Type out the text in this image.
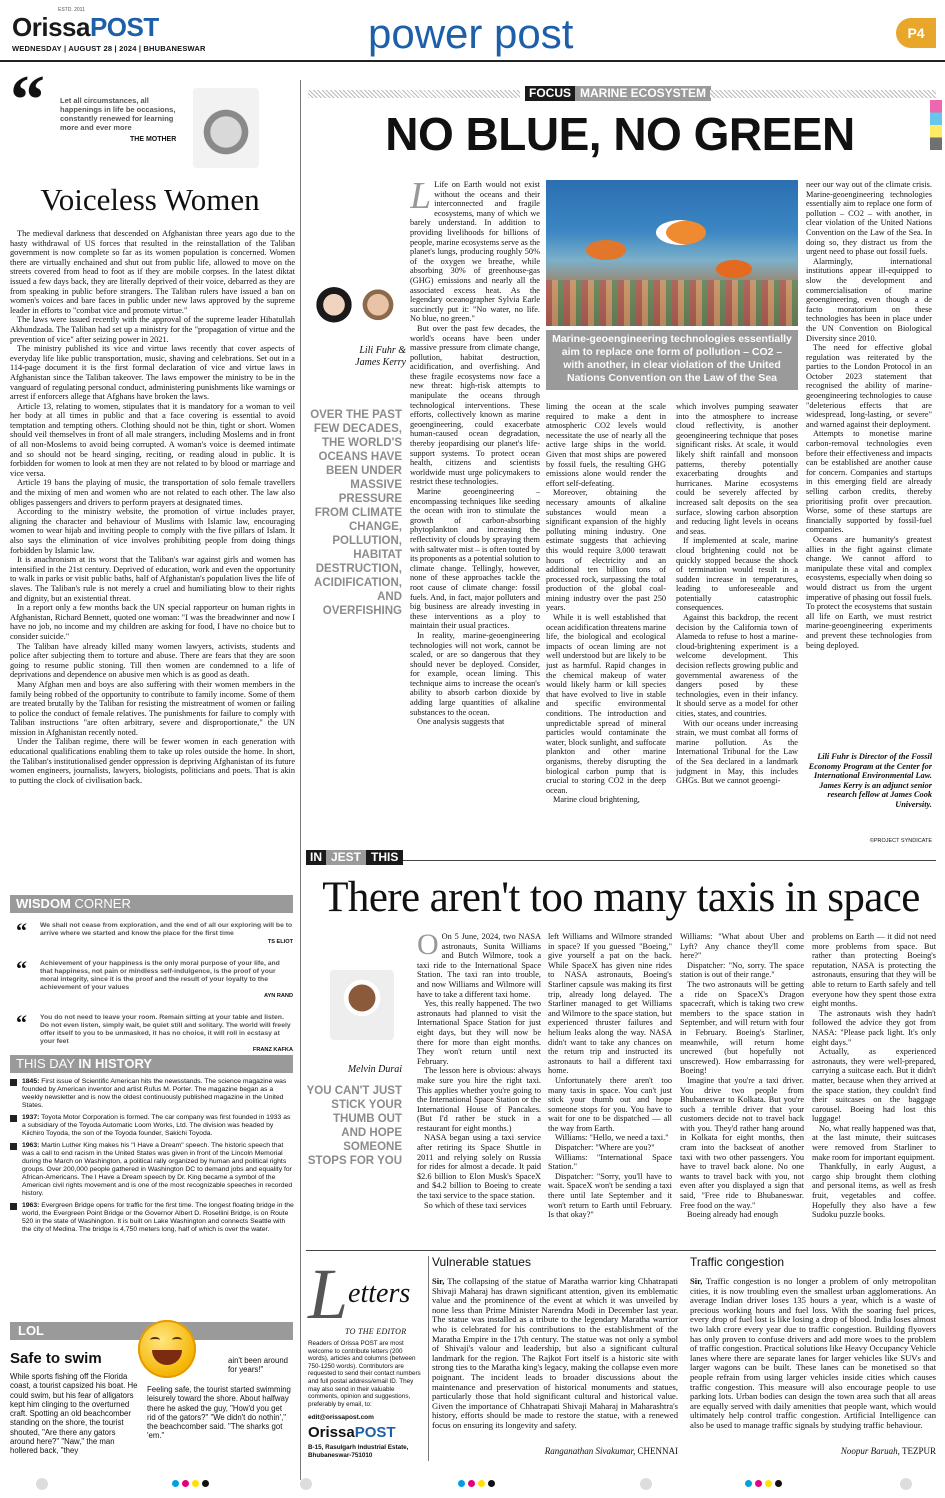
OrissaPOST
ESTD. 2011
WEDNESDAY | AUGUST 28 | 2024 | BHUBANESWAR	power post	P4
“ Let all circumstances, all happenings in life be occasions, constantly renewed for learning more and ever more
THE MOTHER
Voiceless Women

The medieval darkness that descended on Afghanistan three years ago due to the hasty withdrawal of US forces that resulted in the reinstallation of the Taliban government is now complete so far as its women population is concerned. Women there are virtually enchained and shut out from public life, allowed to move on the streets covered from head to foot as if they are mobile corpses. In the latest diktat issued a few days back, they are literally deprived of their voice, debarred as they are from speaking in public before strangers. The Taliban rulers have issued a ban on women's voices and bare faces in public under new laws approved by the supreme leader in efforts to "combat vice and promote virtue."

The laws were issued recently with the approval of the supreme leader Hibatullah Akhundzada. The Taliban had set up a ministry for the "propagation of virtue and the prevention of vice" after seizing power in 2021.

The ministry published its vice and virtue laws recently that cover aspects of everyday life like public transportation, music, shaving and celebrations. Set out in a 114-page document it is the first formal declaration of vice and virtue laws in Afghanistan since the Taliban takeover. The laws empower the ministry to be in the vanguard of regulating personal conduct, administering punishments like warnings or arrest if enforcers allege that Afghans have broken the laws.

Article 13, relating to women, stipulates that it is mandatory for a woman to veil her body at all times in public and that a face covering is essential to avoid temptation and tempting others. Clothing should not be thin, tight or short. Women should veil themselves in front of all male strangers, including Moslems and in front of all non-Moslems to avoid being corrupted. A woman's voice is deemed intimate and so should not be heard singing, reciting, or reading aloud in public. It is forbidden for women to look at men they are not related to by blood or marriage and vice versa.

Article 19 bans the playing of music, the transportation of solo female travellers and the mixing of men and women who are not related to each other. The law also obliges passengers and drivers to perform prayers at designated times.

According to the ministry website, the promotion of virtue includes prayer, aligning the character and behaviour of Muslims with Islamic law, encouraging women to wear hijab and inviting people to comply with the five pillars of Islam. It also says the elimination of vice involves prohibiting people from doing things forbidden by Islamic law.

It is anachronism at its worst that the Taliban's war against girls and women has intensified in the 21st century. Deprived of education, work and even the opportunity to walk in parks or visit public baths, half of Afghanistan's population lives the life of slaves. The Taliban's rule is not merely a cruel and humiliating blow to their rights and dignity, but an existential threat.

In a report only a few months back the UN special rapporteur on human rights in Afghanistan, Richard Bennett, quoted one woman: "I was the breadwinner and now I have no job, no income and my children are asking for food, I have no choice but to consider suicide."

The Taliban have already killed many women lawyers, activists, students and police after subjecting them to torture and abuse. There are fears that they are soon going to resume public stoning. Till then women are condemned to a life of deprivations and dependence on abusive men which is as good as death.

Many Afghan men and boys are also suffering with their women members in the family being robbed of the opportunity to contribute to family income. Some of them are treated brutally by the Taliban for resisting the mistreatment of women or failing to police the conduct of female relatives. The punishments for failure to comply with Taliban instructions "are often arbitrary, severe and disproportionate," the UN mission in Afghanistan recently noted.

Under the Taliban regime, there will be fewer women in each generation with educational qualifications enabling them to take up roles outside the home. In short, the Taliban's institutionalised gender oppression is depriving Afghanistan of its future women engineers, journalists, lawyers, biologists, politicians and poets. That is akin to putting the clock of civilisation back.

WISDOM CORNER
“ We shall not cease from exploration, and the end of all our exploring will be to arrive where we started and know the place for the first time
TS ELIOT
“ Achievement of your happiness is the only moral purpose of your life, and that happiness, not pain or mindless self-indulgence, is the proof of your moral integrity, since it is the proof and the result of your loyalty to the achievement of your values
AYN RAND
“ You do not need to leave your room. Remain sitting at your table and listen. Do not even listen, simply wait, be quiet still and solitary. The world will freely offer itself to you to be unmasked, it has no choice, it will roll in ecstasy at your feet
FRANZ KAFKA
THIS DAY IN HISTORY
1845: First issue of Scientific American hits the newsstands. The science magazine was founded by American inventor and artist Rufus M. Porter. The magazine began as a weekly newsletter and is now the oldest continuously published magazine in the United States.
1937: Toyota Motor Corporation is formed. The car company was first founded in 1933 as a subsidiary of the Toyoda Automatic Loom Works, Ltd. The division was headed by Kiichiro Toyoda, the son of the Toyoda founder, Sakichi Toyoda.
1963: Martin Luther King makes his "I Have a Dream" speech. The historic speech that was a call to end racism in the United States was given in front of the Lincoln Memorial during the March on Washington, a political rally organized by human and political rights groups. Over 200,000 people gathered in Washington DC to demand jobs and equality for African-Americans. The I Have a Dream speech by Dr. King became a symbol of the American civil rights movement and is one of the most recognizable speeches in recorded history.
1963: Evergreen Bridge opens for traffic for the first time. The longest floating bridge in the world, the Evergreen Point Bridge or the Governor Albert D. Rosellini Bridge, is on Route 520 in the state of Washington. It is built on Lake Washington and connects Seattle with the city of Medina. The bridge is 4,750 meters long, half of which is over the water.
LOL
Safe to swim
While sports fishing off the Florida coast, a tourist capsized his boat. He could swim, but his fear of alligators kept him clinging to the overturned craft. Spotting an old beachcomber standing on the shore, the tourist shouted, "Are there any gators around here?" "Naw," the man hollered back, "they
ain't been around for years!"
Feeling safe, the tourist started swimming leisurely toward the shore. About halfway there he asked the guy, "How'd you get rid of the gators?" "We didn't do nothin'," the beachcomber said. "The sharks got 'em."
FOCUS MARINE ECOSYSTEM
NO BLUE, NO GREEN
Lili Fuhr &
James Kerry
OVER THE PAST FEW DECADES, THE WORLD'S OCEANS HAVE BEEN UNDER MASSIVE PRESSURE FROM CLIMATE CHANGE, POLLUTION, HABITAT DESTRUCTION, ACIDIFICATION, AND OVERFISHING

L Life on Earth would not exist without the oceans and their interconnected and fragile ecosystems, many of which we barely understand. In addition to providing livelihoods for billions of people, marine ecosystems serve as the planet's lungs, producing roughly 50% of the oxygen we breathe, while absorbing 30% of greenhouse-gas (GHG) emissions and nearly all the associated excess heat. As the legendary oceanographer Sylvia Earle succinctly put it: "No water, no life. No blue, no green."

But over the past few decades, the world's oceans have been under massive pressure from climate change, pollution, habitat destruction, acidification, and overfishing. And these fragile ecosystems now face a new threat: high-risk attempts to manipulate the oceans through technological interventions. These efforts, collectively known as marine geoengineering, could exacerbate human-caused ocean degradation, thereby jeopardising our planet's life-support systems. To protect ocean health, citizens and scientists worldwide must urge policymakers to restrict these technologies.

Marine geoengineering – encompassing techniques like seeding the ocean with iron to stimulate the growth of carbon-absorbing phytoplankton and increasing the reflectivity of clouds by spraying them with saltwater mist – is often touted by its proponents as a potential solution to climate change. Tellingly, however, none of these approaches tackle the root cause of climate change: fossil fuels. And, in fact, major polluters and big business are already investing in these interventions as a ploy to maintain their usual practices.

In reality, marine-geoengineering technologies will not work, cannot be scaled, or are so dangerous that they should never be deployed. Consider, for example, ocean liming. This technique aims to increase the ocean's ability to absorb carbon dioxide by adding large quantities of alkaline substances to the ocean.

One analysis suggests that

Marine-geoengineering technologies essentially aim to replace one form of pollution – CO2 – with another, in clear violation of the United Nations Convention on the Law of the Sea

liming the ocean at the scale required to make a dent in atmospheric CO2 levels would necessitate the use of nearly all the active large ships in the world. Given that most ships are powered by fossil fuels, the resulting GHG emissions alone would render the effort self-defeating.

Moreover, obtaining the necessary amounts of alkaline substances would mean a significant expansion of the highly polluting mining industry. One estimate suggests that achieving this would require 3,000 terawatt hours of electricity and an additional ten billion tons of processed rock, surpassing the total production of the global coal-mining industry over the past 250 years.

While it is well established that ocean acidification threatens marine life, the biological and ecological impacts of ocean liming are not well understood but are likely to be just as harmful. Rapid changes in the chemical makeup of water would likely harm or kill species that have evolved to live in stable and specific environmental conditions. The introduction and unpredictable spread of mineral particles would contaminate the water, block sunlight, and suffocate plankton and other marine organisms, thereby disrupting the biological carbon pump that is crucial to storing CO2 in the deep ocean.

Marine cloud brightening,

which involves pumping seawater into the atmosphere to increase cloud reflectivity, is another geoengineering technique that poses significant risks. At scale, it would likely shift rainfall and monsoon patterns, thereby potentially exacerbating droughts and hurricanes. Marine ecosystems could be severely affected by increased salt deposits on the sea surface, slowing carbon absorption and reducing light levels in oceans and seas.

If implemented at scale, marine cloud brightening could not be quickly stopped because the shock of termination would result in a sudden increase in temperatures, leading to unforeseeable and potentially catastrophic consequences.

Against this backdrop, the recent decision by the California town of Alameda to refuse to host a marine-cloud-brightening experiment is a welcome development. This decision reflects growing public and governmental awareness of the dangers posed by these technologies, even in their infancy. It should serve as a model for other cities, states, and countries.

With our oceans under increasing strain, we must combat all forms of marine pollution. As the International Tribunal for the Law of the Sea declared in a landmark judgment in May, this includes GHGs. But we cannot geoengi-

neer our way out of the climate crisis. Marine-geoengineering technologies essentially aim to replace one form of pollution – CO2 – with another, in clear violation of the United Nations Convention on the Law of the Sea. In doing so, they distract us from the urgent need to phase out fossil fuels.

Alarmingly, international institutions appear ill-equipped to slow the development and commercialisation of marine geoengineering, even though a de facto moratorium on these technologies has been in place under the UN Convention on Biological Diversity since 2010.

The need for effective global regulation was reiterated by the parties to the London Protocol in an October 2023 statement that recognised the ability of marine-geoengineering technologies to cause "deleterious effects that are widespread, long-lasting, or severe" and warned against their deployment.

Attempts to monetise marine carbon-removal technologies even before their effectiveness and impacts can be established are another cause for concern. Companies and startups in this emerging field are already selling carbon credits, thereby prioritising profit over precaution. Worse, some of these startups are financially supported by fossil-fuel companies.

Oceans are humanity's greatest allies in the fight against climate change. We cannot afford to manipulate these vital and complex ecosystems, especially when doing so would distract us from the urgent imperative of phasing out fossil fuels. To protect the ecosystems that sustain all life on Earth, we must restrict marine-geoengineering experiments and prevent these technologies from being deployed.

Lili Fuhr is Director of the Fossil Economy Program at the Center for International Environmental Law. James Kerry is an adjunct senior research fellow at James Cook University.
©PROJECT SYNDICATE
IN JEST THIS
There aren't too many taxis in space
Melvin Durai
YOU CAN'T JUST STICK YOUR THUMB OUT AND HOPE SOMEONE STOPS FOR YOU

O On 5 June, 2024, two NASA astronauts, Sunita Williams and Butch Wilmore, took a taxi ride to the International Space Station. The taxi ran into trouble, and now Williams and Wilmore will have to take a different taxi home.

Yes, this really happened. The two astronauts had planned to visit the International Space Station for just eight days, but they will now be there for more than eight months. They won't return until next February.

The lesson here is obvious: always make sure you hire the right taxi. This applies whether you're going to the International Space Station or the International House of Pancakes. (But I'd rather be stuck in a restaurant for eight months.)

NASA began using a taxi service after retiring its Space Shuttle in 2011 and relying solely on Russia for rides for almost a decade. It paid $2.6 billion to Elon Musk's SpaceX and $4.2 billion to Boeing to create the taxi service to the space station.

So which of these taxi services

left Williams and Wilmore stranded in space? If you guessed "Boeing," give yourself a pat on the back. While SpaceX has given nine rides to NASA astronauts, Boeing's Starliner capsule was making its first trip, already long delayed. The Starliner managed to get Williams and Wilmore to the space station, but experienced thruster failures and helium leaks along the way. NASA didn't want to take any chances on the return trip and instructed its astronauts to hail a different taxi home.

Unfortunately there aren't too many taxis in space. You can't just stick your thumb out and hope someone stops for you. You have to wait for one to be dispatched — all the way from Earth.

Williams: "Hello, we need a taxi."

Dispatcher: "Where are you?"

Williams: "International Space Station."

Dispatcher: "Sorry, you'll have to wait. SpaceX won't be sending a taxi there until late September and it won't return to Earth until February. Is that okay?"

Williams: "What about Uber and Lyft? Any chance they'll come here?"

Dispatcher: "No, sorry. The space station is out of their range."

The two astronauts will be getting a ride on SpaceX's Dragon spacecraft, which is taking two crew members to the space station in September, and will return with four in February. Boeing's Starliner, meanwhile, will return home uncrewed (but hopefully not unscrewed). How embarrassing for Boeing!

Imagine that you're a taxi driver. You drive two people from Bhubaneswar to Kolkata. But you're such a terrible driver that your customers decide not to travel back with you. They'd rather hang around in Kolkata for eight months, then cram into the backseat of another taxi with two other passengers. You have to travel back alone. No one wants to travel back with you, not even after you displayed a sign that said, "Free ride to Bhubaneswar. Free food on the way."

Boeing already had enough

problems on Earth — it did not need more problems from space. But rather than protecting Boeing's reputation, NASA is protecting the astronauts, ensuring that they will be able to return to Earth safely and tell everyone how they spent those extra eight months.

The astronauts wish they hadn't followed the advice they got from NASA: "Please pack light. It's only eight days."

Actually, as experienced astronauts, they were well-prepared, carrying a suitcase each. But it didn't matter, because when they arrived at the space station, they couldn't find their suitcases on the baggage carousel. Boeing had lost this luggage!

No, what really happened was that, at the last minute, their suitcases were removed from Starliner to make room for important equipment.

Thankfully, in early August, a cargo ship brought them clothing and personal items, as well as fresh fruit, vegetables and coffee. Hopefully they also have a few Sudoku puzzle books.

L etters
TO THE EDITOR
Readers of Orissa POST are most welcome to contribute letters (200 words), articles and columns (between 750-1250 words). Contributors are requested to send their contact numbers and full postal address/email ID. They may also send in their valuable comments, opinion and suggestions, preferably by email, to:
edit@orissapost.com
OrissaPOST
B-15, Rasulgarh Industrial Estate, Bhubaneswar-751010
Vulnerable statues
Sir, The collapsing of the statue of Maratha warrior king Chhatrapati Shivaji Maharaj has drawn significant attention, given its emblematic value and the prominence of the event at which it was unveiled by none less than Prime Minister Narendra Modi in December last year. The statue was installed as a tribute to the legendary Maratha warrior who is celebrated for his contributions to the establishment of the Maratha Empire in the 17th century. The statue was not only a symbol of Shivaji's valour and leadership, but also a significant cultural landmark for the region. The Rajkot Fort itself is a historic site with strong ties to the Maratha king's legacy, making the collapse even more poignant. The incident leads to broader discussions about the maintenance and preservation of historical monuments and statues, particularly those that hold significant cultural and historical value. Given the importance of Chhatrapati Shivaji Maharaj in Maharashtra's history, efforts should be made to restore the statue, with a renewed focus on ensuring its longevity and safety.
Ranganathan Sivakumar, CHENNAI
Traffic congestion
Sir, Traffic congestion is no longer a problem of only metropolitan cities, it is now troubling even the smallest urban agglomerations. An average Indian driver loses 135 hours a year, which is a waste of precious working hours and fuel loss. With the soaring fuel prices, every drop of fuel lost is like losing a drop of blood. India loses almost two lakh crore every year due to traffic congestion. Building flyovers has only proven to confuse drivers and add more woes to the problem of traffic congestion. Practical solutions like Heavy Occupancy Vehicle lanes where there are separate lanes for larger vehicles like SUVs and larger wagons can be built. These lanes can be monetised so that people refrain from using larger vehicles inside cities which causes traffic congestion. This measure will also encourage people to use parking lots. Urban bodies can design the town area such that all areas are equally served with daily amenities that people want, which would ultimately help control traffic congestion. Artificial Intelligence can also be used to manage traffic signals by studying traffic behaviour.
Noopur Baruah, TEZPUR
